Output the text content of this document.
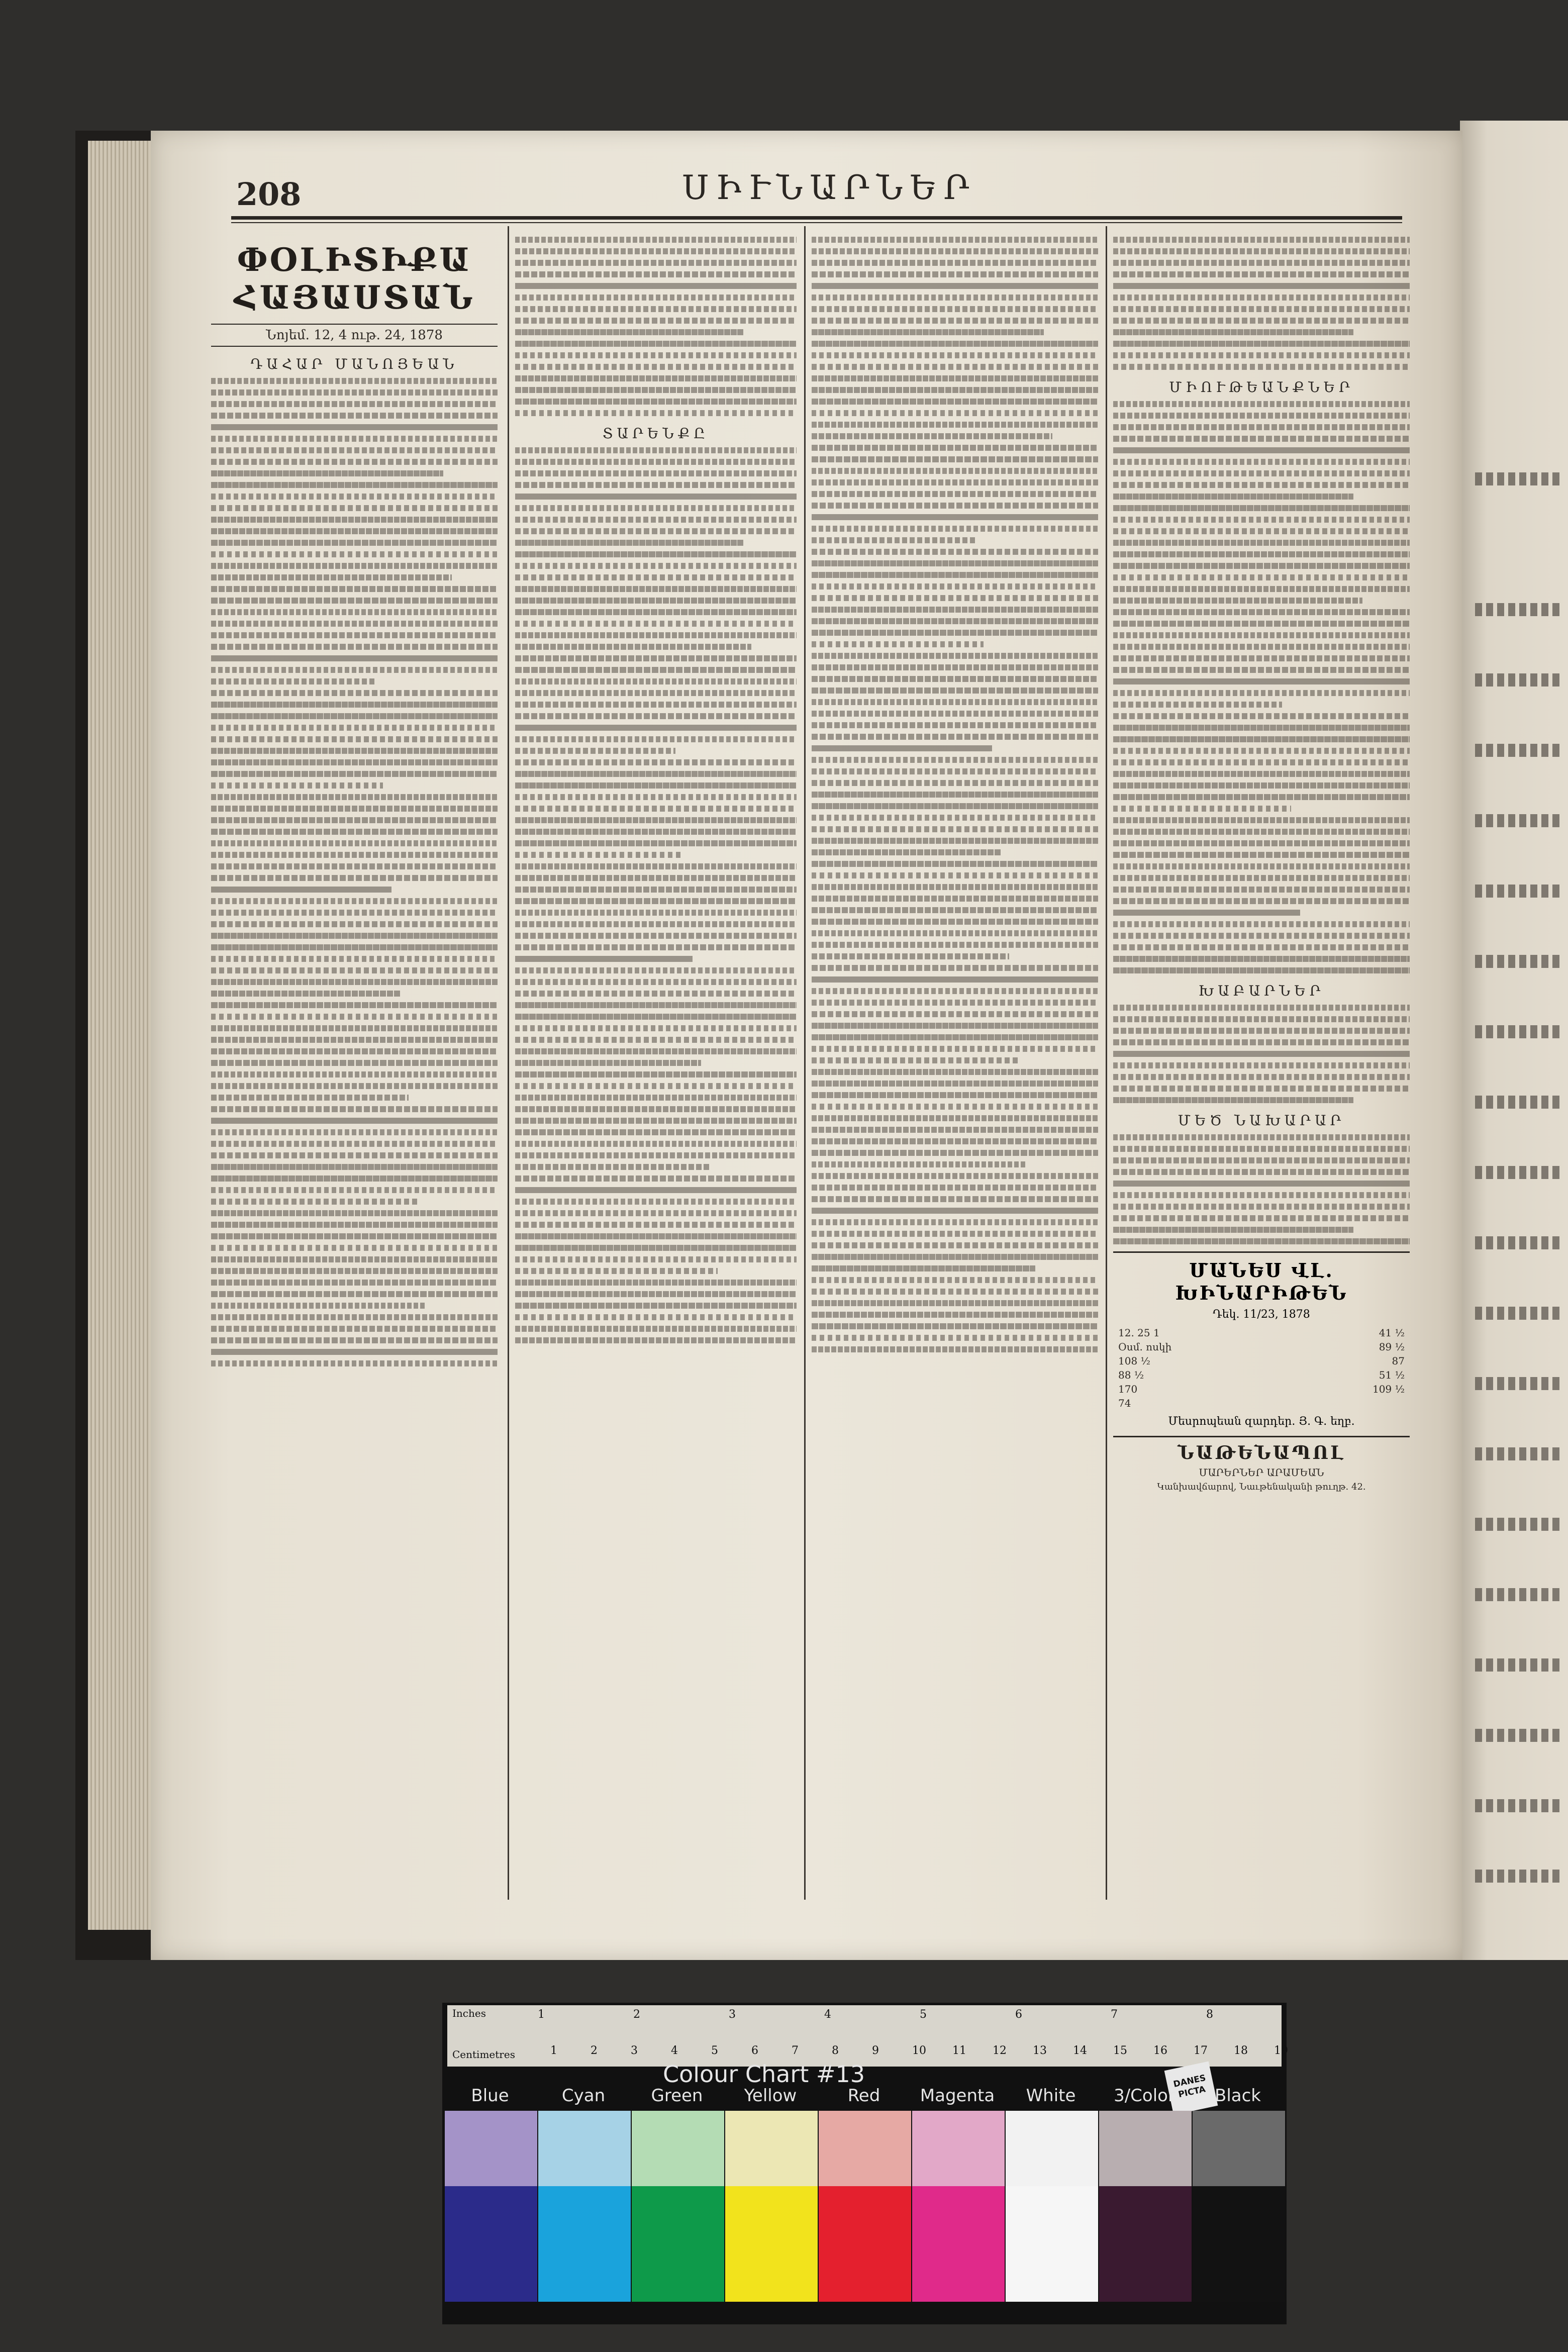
208	ՍԻՒՆԱՐՆԵՐ
ՓՕԼԻՏԻՔԱ ՀԱՅԱՍՏԱՆ
Նոյեմ. 12, 4 ութ. 24, 1878
ԴԱՀԱՐ ՄԱՆՈՅԵԱՆ
ՏԱՐԵՆՔԸ
ՄԻՈՒԹԵԱՆՔՆԵՐ
ԽԱԲԱՐՆԵՐ
ՄԵԾ ՆԱԽԱՐԱՐ
ՄԱՆԵՍ ՎԼ. ԽԻՆԱՐԻԹԵՆ
Դեկ. 11/23, 1878
12. 25 1	41 ½
Օսմ. ոսկի	89 ½
108 ½	87
88 ½	51 ½
170	109 ½
74
Մեսրոպեան զարդեր. Յ. Գ. եղբ.
ՆԱԹԵՆԱՊՈԼ
ՄԱՐԵՐՆԵՐ ԱՐԱՄԵԱՆ
Կանխավճարով, Նաւթենականի թուղթ. 42.
Inches
Centimetres
1	2	3	4	5	6	7	8
1	2	3	4	5	6	7	8	9	10 11 12 13 14 15 16 17 18 19
Colour Chart #13	DANES PICTA
Blue	Cyan	Green	Yellow	Red	Magenta	White	3/Color	Black
